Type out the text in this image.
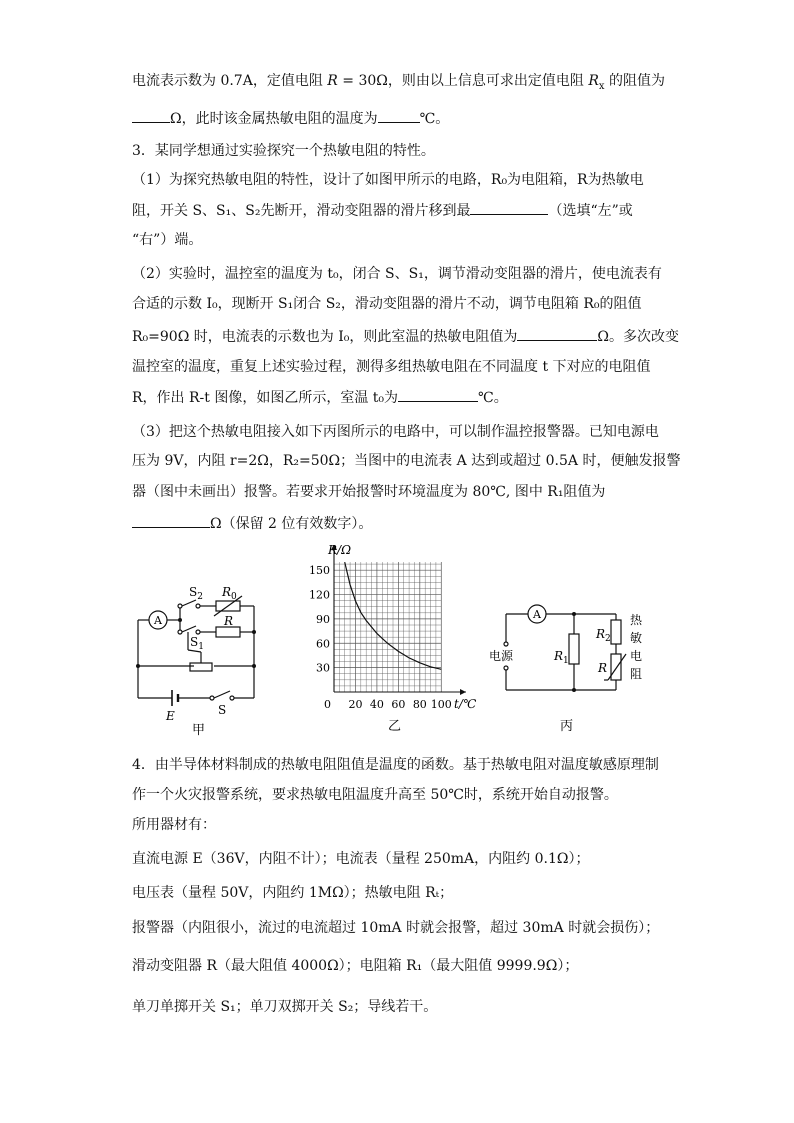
电流表示数为 0.7A，定值电阻 R = 30Ω，则由以上信息可求出定值电阻 $R_x$ 的阻值为
Ω，此时该金属热敏电阻的温度为	℃。
3．某同学想通过实验探究一个热敏电阻的特性。
（1）为探究热敏电阻的特性，设计了如图甲所示的电路，R₀为电阻箱，R为热敏电
阻，开关 S、S₁、S₂先断开，滑动变阻器的滑片移到最	（选填“左”或
“右”）端。
（2）实验时，温控室的温度为 t₀，闭合 S、S₁，调节滑动变阻器的滑片，使电流表有
合适的示数 I₀，现断开 S₁闭合 S₂，滑动变阻器的滑片不动，调节电阻箱 R₀的阻值
R₀=90Ω 时，电流表的示数也为 I₀，则此室温的热敏电阻值为	Ω。多次改变
温控室的温度，重复上述实验过程，测得多组热敏电阻在不同温度 t 下对应的电阻值
R，作出 R-t 图像，如图乙所示，室温 t₀为	℃。
（3）把这个热敏电阻接入如下丙图所示的电路中，可以制作温控报警器。已知电源电
压为 9V，内阻 r=2Ω，R₂=50Ω；当图中的电流表 A 达到或超过 0.5A 时，便触发报警
器（图中未画出）报警。若要求开始报警时环境温度为 80℃, 图中 R₁阻值为
Ω（保留 2 位有效数字）。
A
$S_2$ $R_0$
R
$S_1$
E	S
甲
20 40 60 80 100
30
60
90
120
150
R/Ω
t/℃
0
乙
A
电源	$R_1$
$R_2$
R
热
敏
电
阻
丙
4．由半导体材料制成的热敏电阻阻值是温度的函数。基于热敏电阻对温度敏感原理制
作一个火灾报警系统，要求热敏电阻温度升高至 50℃时，系统开始自动报警。
所用器材有：
直流电源 E（36V，内阻不计）；电流表（量程 250mA，内阻约 0.1Ω）；
电压表（量程 50V，内阻约 1MΩ）；热敏电阻 Rₜ；
报警器（内阻很小，流过的电流超过 10mA 时就会报警，超过 30mA 时就会损伤）；
滑动变阻器 R（最大阻值 4000Ω）；电阻箱 R₁（最大阻值 9999.9Ω）；
单刀单掷开关 S₁；单刀双掷开关 S₂；导线若干。
